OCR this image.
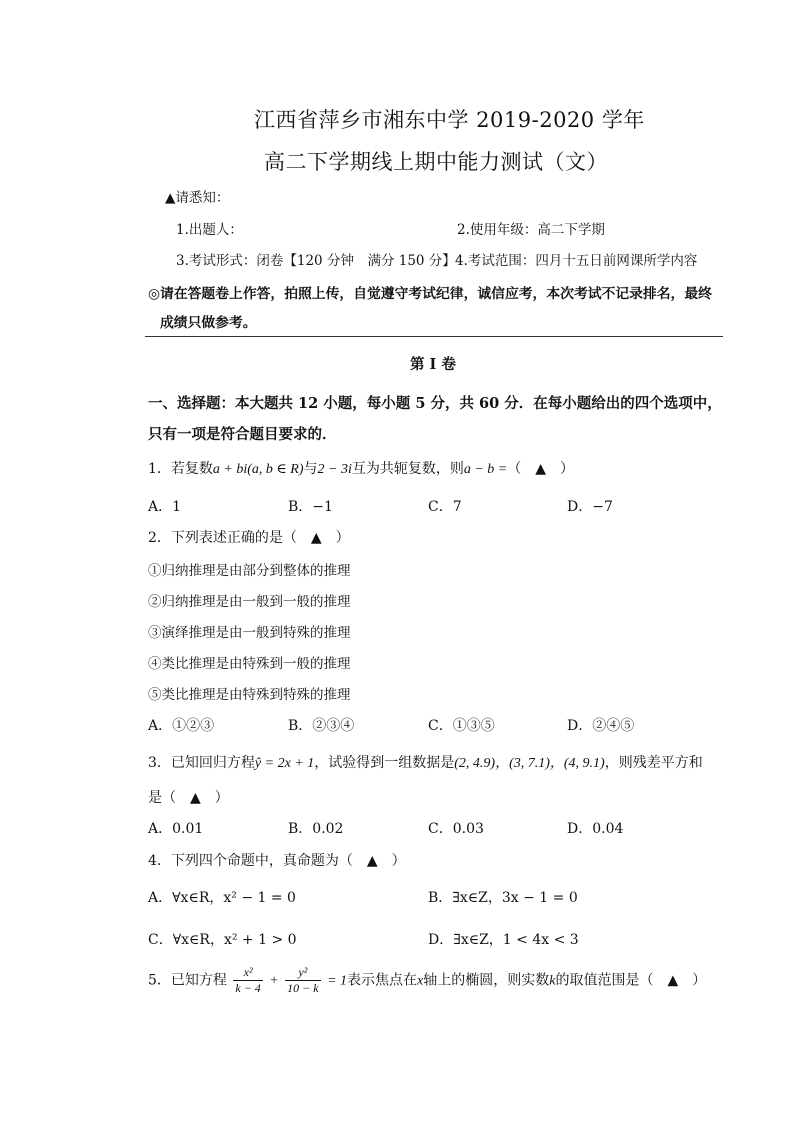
江西省萍乡市湘东中学 2019-2020 学年
高二下学期线上期中能力测试（文）
▲请悉知：
1.出题人：	2.使用年级：高二下学期
3.考试形式：闭卷【120 分钟　满分 150 分】 4.考试范围：四月十五日前网课所学内容
◎请在答题卷上作答，拍照上传，自觉遵守考试纪律，诚信应考，本次考试不记录排名，最终
成绩只做参考。
第 I 卷
一、选择题：本大题共 12 小题，每小题 5 分，共 60 分．在每小题给出的四个选项中，
只有一项是符合题目要求的．
1．若复数a + bi(a, b ∈ R)与2 − 3i互为共轭复数，则a − b =（　▲　）
A．1	B．−1	C．7	D．−7
2．下列表述正确的是（　▲　）
①归纳推理是由部分到整体的推理
②归纳推理是由一般到一般的推理
③演绎推理是由一般到特殊的推理
④类比推理是由特殊到一般的推理
⑤类比推理是由特殊到特殊的推理
A．①②③	B．②③④	C．①③⑤	D．②④⑤
3．已知回归方程ŷ = 2x + 1，试验得到一组数据是(2, 4.9)，(3, 7.1)，(4, 9.1)，则残差平方和
是（　▲　）
A．0.01	B．0.02	C．0.03	D．0.04
4．下列四个命题中，真命题为（　▲　）
A．∀x∈R，x² − 1 = 0	B．∃x∈Z，3x − 1 = 0
C．∀x∈R，x² + 1 > 0	D．∃x∈Z，1 < 4x < 3
5．已知方程 $\frac{\text{x²}}{k - 4} + \frac{\text{y²}}{10 - k} = 1$表示焦点在x轴上的椭圆，则实数k的取值范围是（　▲　）
